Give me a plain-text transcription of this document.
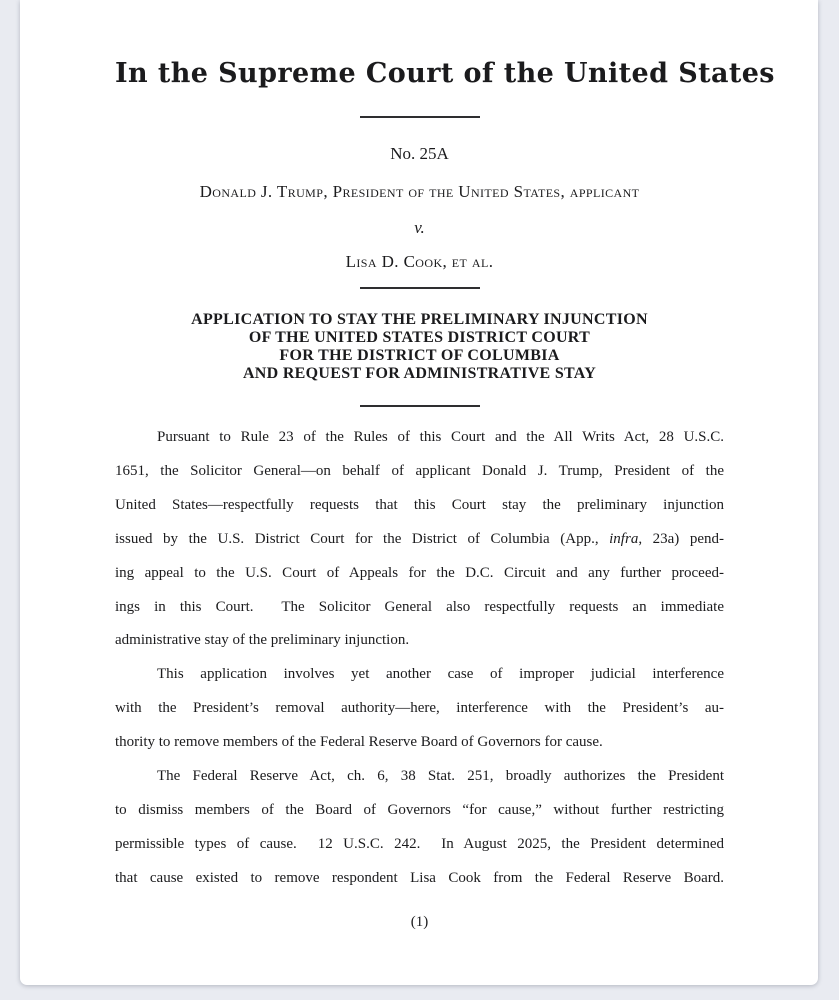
In the Supreme Court of the United States
No. 25A
Donald J. Trump, President of the United States, applicant
v.
Lisa D. Cook, et al.
APPLICATION TO STAY THE PRELIMINARY INJUNCTION
OF THE UNITED STATES DISTRICT COURT
FOR THE DISTRICT OF COLUMBIA
AND REQUEST FOR ADMINISTRATIVE STAY
Pursuant to Rule 23 of the Rules of this Court and the All Writs Act, 28 U.S.C.
1651, the Solicitor General—on behalf of applicant Donald J. Trump, President of the
United States—respectfully requests that this Court stay the preliminary injunction
issued by the U.S. District Court for the District of Columbia (App., infra, 23a) pend-
ing appeal to the U.S. Court of Appeals for the D.C. Circuit and any further proceed-
ings in this Court.  The Solicitor General also respectfully requests an immediate
administrative stay of the preliminary injunction.
This application involves yet another case of improper judicial interference
with the President’s removal authority—here, interference with the President’s au-
thority to remove members of the Federal Reserve Board of Governors for cause.
The Federal Reserve Act, ch. 6, 38 Stat. 251, broadly authorizes the President
to dismiss members of the Board of Governors “for cause,” without further restricting
permissible types of cause.  12 U.S.C. 242.  In August 2025, the President determined
that cause existed to remove respondent Lisa Cook from the Federal Reserve Board.
(1)
